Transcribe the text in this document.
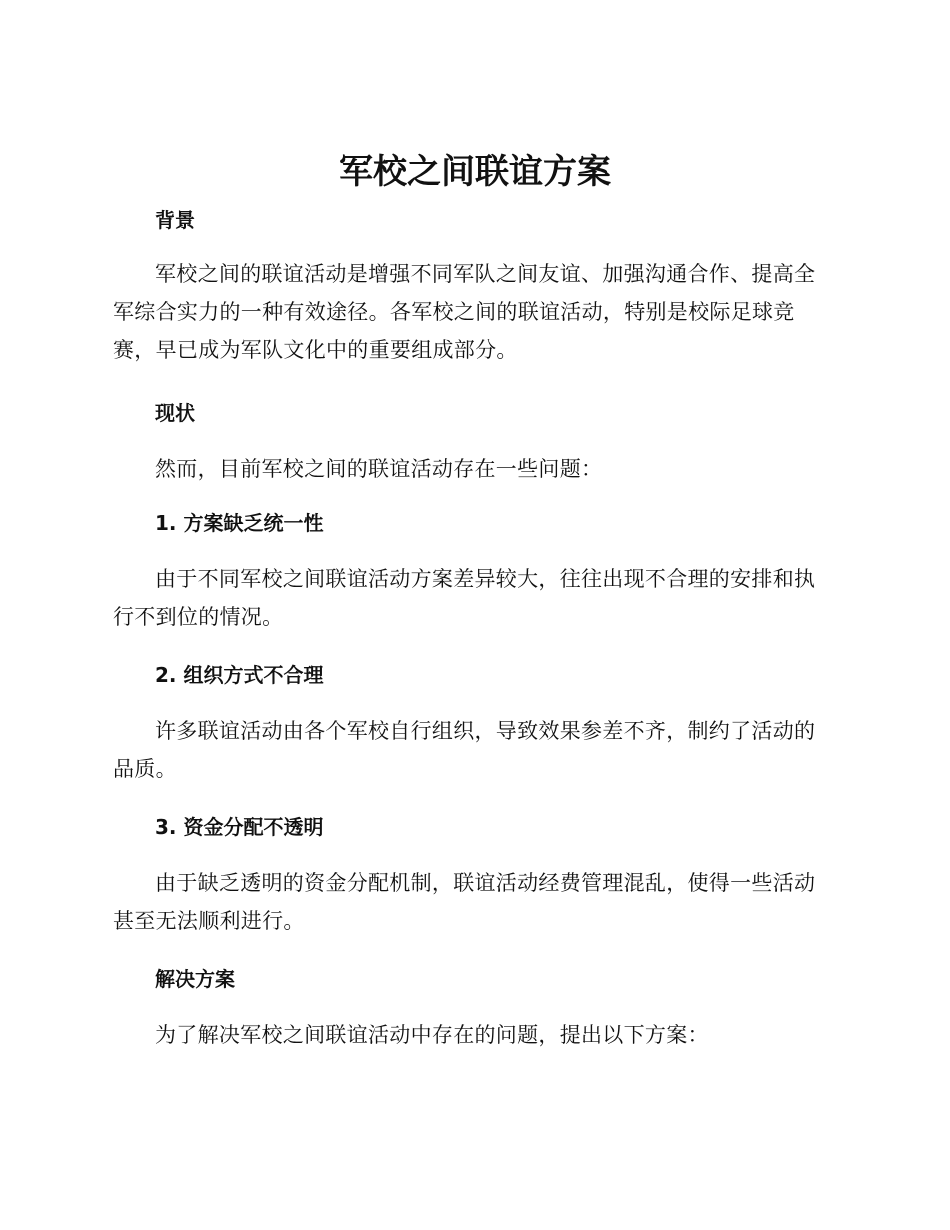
军校之间联谊方案
背景

军校之间的联谊活动是增强不同军队之间友谊、加强沟通合作、提高全军综合实力的一种有效途径。各军校之间的联谊活动，特别是校际足球竞赛，早已成为军队文化中的重要组成部分。

现状

然而，目前军校之间的联谊活动存在一些问题：

1. 方案缺乏统一性

由于不同军校之间联谊活动方案差异较大，往往出现不合理的安排和执行不到位的情况。

2. 组织方式不合理

许多联谊活动由各个军校自行组织，导致效果参差不齐，制约了活动的品质。

3. 资金分配不透明

由于缺乏透明的资金分配机制，联谊活动经费管理混乱，使得一些活动甚至无法顺利进行。

解决方案

为了解决军校之间联谊活动中存在的问题，提出以下方案：
